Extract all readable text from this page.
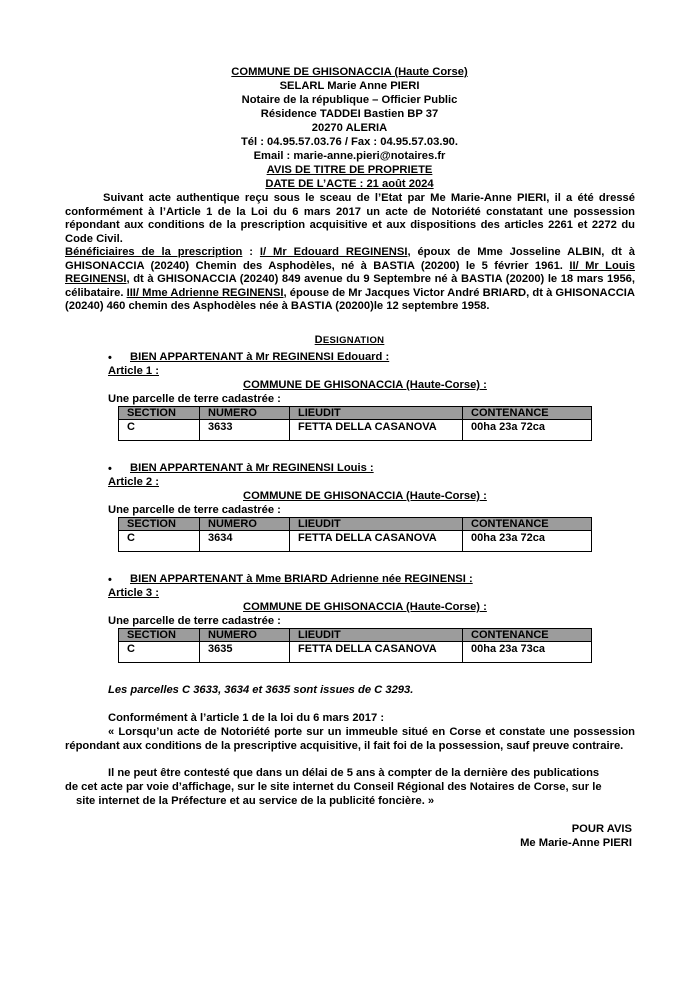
COMMUNE DE GHISONACCIA (Haute Corse)
SELARL Marie Anne PIERI
Notaire de la république – Officier Public
Résidence TADDEI Bastien BP 37
20270 ALERIA
Tél : 04.95.57.03.76 / Fax : 04.95.57.03.90.
Email : marie-anne.pieri@notaires.fr
AVIS DE TITRE DE PROPRIETE
DATE DE L’ACTE : 21 août 2024
Suivant acte authentique reçu sous le sceau de l’Etat par Me Marie-Anne PIERI, il a été dressé conformément à l’Article 1 de la Loi du 6 mars 2017 un acte de Notoriété constatant une possession répondant aux conditions de la prescription acquisitive et aux dispositions des articles 2261 et 2272 du Code Civil.
Bénéficiaires de la prescription : I/ Mr Edouard REGINENSI, époux de Mme Josseline ALBIN, dt à GHISONACCIA (20240) Chemin des Asphodèles, né à BASTIA (20200) le 5 février 1961. II/ Mr Louis REGINENSI, dt à GHISONACCIA (20240) 849 avenue du 9 Septembre né à BASTIA (20200) le 18 mars 1956, célibataire. III/ Mme Adrienne REGINENSI, épouse de Mr Jacques Victor André BRIARD, dt à GHISONACCIA (20240) 460 chemin des Asphodèles née à BASTIA (20200)le 12 septembre 1958.
DESIGNATION
• BIEN APPARTENANT à Mr REGINENSI Edouard :
Article 1 :
COMMUNE DE GHISONACCIA (Haute-Corse) :
Une parcelle de terre cadastrée :
SECTION	NUMERO	LIEUDIT	CONTENANCE
C	3633	FETTA DELLA CASANOVA	00ha 23a 72ca
• BIEN APPARTENANT à Mr REGINENSI Louis :
Article 2 :
COMMUNE DE GHISONACCIA (Haute-Corse) :
Une parcelle de terre cadastrée :
SECTION	NUMERO	LIEUDIT	CONTENANCE
C	3634	FETTA DELLA CASANOVA	00ha 23a 72ca
• BIEN APPARTENANT à Mme BRIARD Adrienne née REGINENSI :
Article 3 :
COMMUNE DE GHISONACCIA (Haute-Corse) :
Une parcelle de terre cadastrée :
SECTION	NUMERO	LIEUDIT	CONTENANCE
C	3635	FETTA DELLA CASANOVA	00ha 23a 73ca
Les parcelles C 3633, 3634 et 3635 sont issues de C 3293.
Conformément à l’article 1 de la loi du 6 mars 2017 :
« Lorsqu’un acte de Notoriété porte sur un immeuble situé en Corse et constate une possession répondant aux conditions de la prescriptive acquisitive, il fait foi de la possession, sauf preuve contraire.
Il ne peut être contesté que dans un délai de 5 ans à compter de la dernière des publications
de cet acte par voie d’affichage, sur le site internet du Conseil Régional des Notaires de Corse, sur le
site internet de la Préfecture et au service de la publicité foncière. »
POUR AVIS
Me Marie-Anne PIERI
